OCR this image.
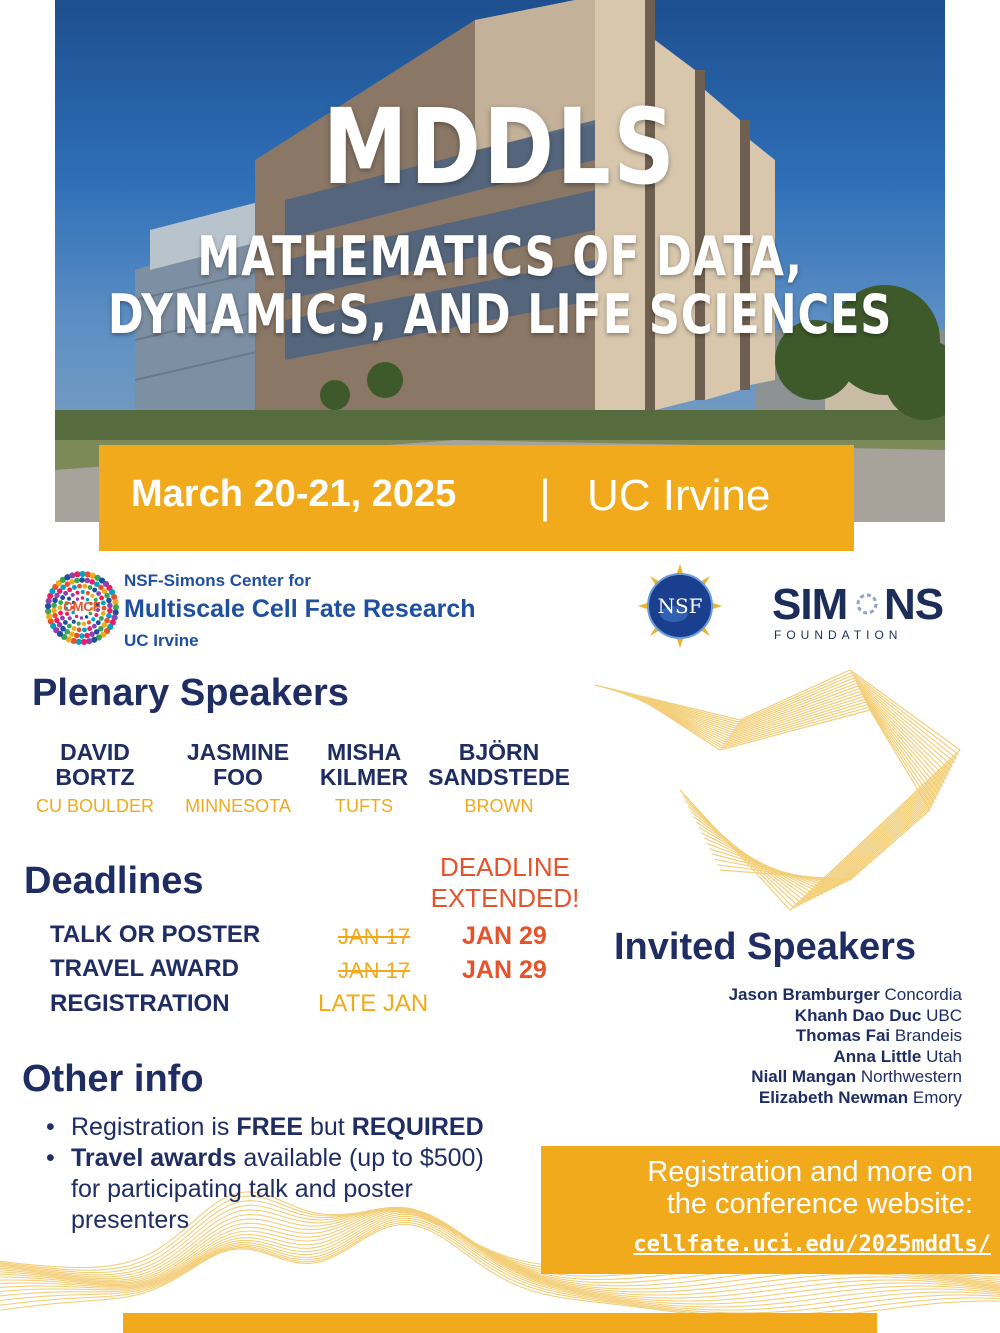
MDDLS
MATHEMATICS OF DATA,
DYNAMICS, AND LIFE SCIENCES
March 20-21, 2025 | UC Irvine
CMCF
NSF-Simons Center for
Multiscale Cell Fate Research
UC Irvine
NSF	SIM NS
FOUNDATION
Plenary Speakers
DAVID
BORTZ
CU BOULDER
JASMINE
FOO
MINNESOTA
MISHA
KILMER
TUFTS
BJÖRN
SANDSTEDE
BROWN
Deadlines	DEADLINE
EXTENDED!
TALK OR POSTER	JAN 17 JAN 29
TRAVEL AWARD	JAN 17 JAN 29
REGISTRATION	LATE JAN
Invited Speakers
Jason Bramburger Concordia
Khanh Dao Duc UBC
Thomas Fai Brandeis
Anna Little Utah
Niall Mangan Northwestern
Elizabeth Newman Emory
Other info
• Registration is FREE but REQUIRED
• Travel awards available (up to $500) for participating talk and poster presenters
Registration and more on
the conference website:
cellfate.uci.edu/2025mddls/
